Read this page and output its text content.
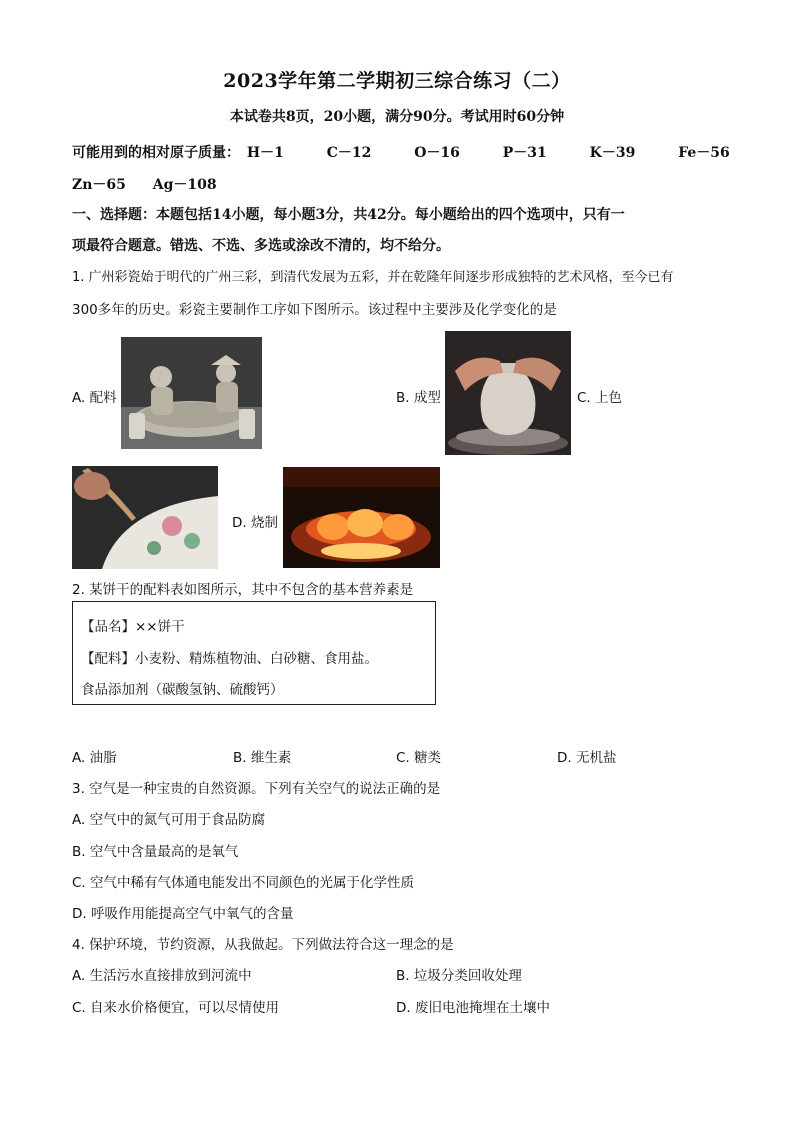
2023学年第二学期初三综合练习（二）
本试卷共8页，20小题，满分90分。考试用时60分钟
可能用到的相对原子质量： H－1	C－12	O－16	P－31	K－39	Fe－56
Zn－65 Ag－108
一、选择题：本题包括14小题，每小题3分，共42分。每小题给出的四个选项中，只有一
项最符合题意。错选、不选、多选或涂改不清的，均不给分。
1. 广州彩瓷始于明代的广州三彩，到清代发展为五彩，并在乾隆年间逐步形成独特的艺术风格，至今已有
300多年的历史。彩瓷主要制作工序如下图所示。该过程中主要涉及化学变化的是
A. 配料	B. 成型	C. 上色
D. 烧制
2. 某饼干的配料表如图所示，其中不包含的基本营养素是
【品名】××饼干
【配料】小麦粉、精炼植物油、白砂糖、食用盐。
食品添加剂（碳酸氢钠、硫酸钙）
A. 油脂	B. 维生素	C. 糖类	D. 无机盐
3. 空气是一种宝贵的自然资源。下列有关空气的说法正确的是
A. 空气中的氮气可用于食品防腐
B. 空气中含量最高的是氧气
C. 空气中稀有气体通电能发出不同颜色的光属于化学性质
D. 呼吸作用能提高空气中氧气的含量
4. 保护环境，节约资源，从我做起。下列做法符合这一理念的是
A. 生活污水直接排放到河流中	B. 垃圾分类回收处理
C. 自来水价格便宜，可以尽情使用	D. 废旧电池掩埋在土壤中
